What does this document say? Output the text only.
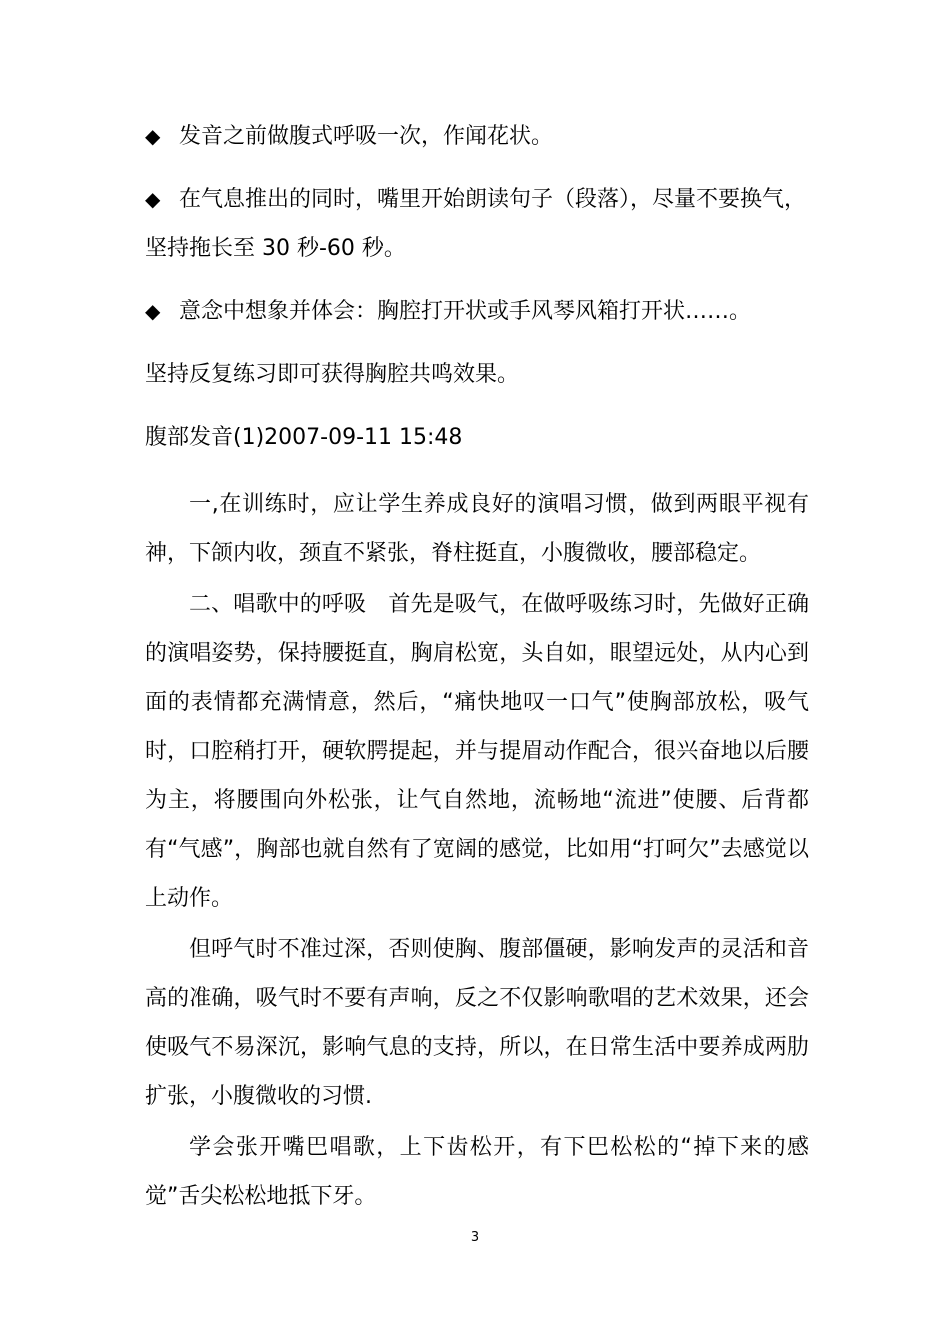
◆ 发音之前做腹式呼吸一次，作闻花状。
◆ 在气息推出的同时，嘴里开始朗读句子（段落），尽量不要换气，
坚持拖长至 30 秒-60 秒。
◆ 意念中想象并体会：胸腔打开状或手风琴风箱打开状……。
坚持反复练习即可获得胸腔共鸣效果。
腹部发音(1)2007-09-11 15:48

一,在训练时，应让学生养成良好的演唱习惯，做到两眼平视有神，下颌内收，颈直不紧张，脊柱挺直，小腹微收，腰部稳定。

二、唱歌中的呼吸　首先是吸气，在做呼吸练习时，先做好正确的演唱姿势，保持腰挺直，胸肩松宽，头自如，眼望远处，从内心到面的表情都充满情意，然后，“痛快地叹一口气”使胸部放松，吸气时，口腔稍打开，硬软腭提起，并与提眉动作配合，很兴奋地以后腰为主，将腰围向外松张，让气自然地，流畅地“流进”使腰、后背都有“气感”，胸部也就自然有了宽阔的感觉，比如用“打呵欠”去感觉以上动作。

但呼气时不准过深，否则使胸、腹部僵硬，影响发声的灵活和音高的准确，吸气时不要有声响，反之不仅影响歌唱的艺术效果，还会使吸气不易深沉，影响气息的支持，所以，在日常生活中要养成两肋扩张，小腹微收的习惯.

学会张开嘴巴唱歌，上下齿松开，有下巴松松的“掉下来的感觉”舌尖松松地抵下牙。

3
